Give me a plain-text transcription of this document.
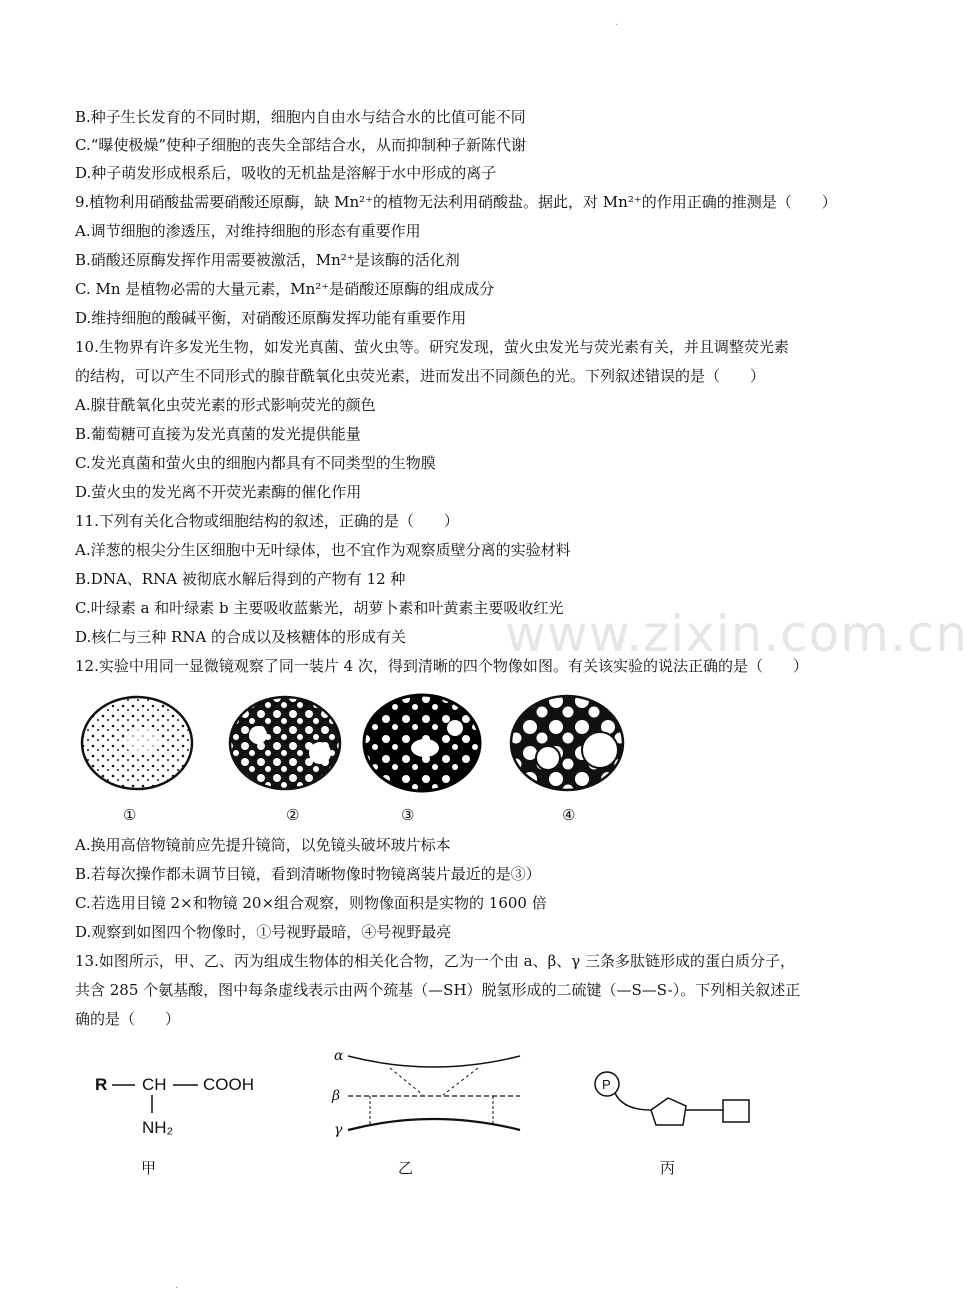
·
www.zixin.com.cn
B.种子生长发育的不同时期，细胞内自由水与结合水的比值可能不同
C.“曝使极燥”使种子细胞的丧失全部结合水，从而抑制种子新陈代谢
D.种子萌发形成根系后，吸收的无机盐是溶解于水中形成的离子
9.植物利用硝酸盐需要硝酸还原酶，缺 Mn²⁺的植物无法利用硝酸盐。据此，对 Mn²⁺的作用正确的推测是（　　）
A.调节细胞的渗透压，对维持细胞的形态有重要作用
B.硝酸还原酶发挥作用需要被激活，Mn²⁺是该酶的活化剂
C. Mn 是植物必需的大量元素，Mn²⁺是硝酸还原酶的组成成分
D.维持细胞的酸碱平衡，对硝酸还原酶发挥功能有重要作用
10.生物界有许多发光生物，如发光真菌、萤火虫等。研究发现，萤火虫发光与荧光素有关，并且调整荧光素
的结构，可以产生不同形式的腺苷酰氧化虫荧光素，进而发出不同颜色的光。下列叙述错误的是（　　）
A.腺苷酰氧化虫荧光素的形式影响荧光的颜色
B.葡萄糖可直接为发光真菌的发光提供能量
C.发光真菌和萤火虫的细胞内都具有不同类型的生物膜
D.萤火虫的发光离不开荧光素酶的催化作用
11.下列有关化合物或细胞结构的叙述，正确的是（　　）
A.洋葱的根尖分生区细胞中无叶绿体，也不宜作为观察质壁分离的实验材料
B.DNA、RNA 被彻底水解后得到的产物有 12 种
C.叶绿素 a 和叶绿素 b 主要吸收蓝紫光，胡萝卜素和叶黄素主要吸收红光
D.核仁与三种 RNA 的合成以及核糖体的形成有关
12.实验中用同一显微镜观察了同一装片 4 次，得到清晰的四个物像如图。有关该实验的说法正确的是（　　）
①	②	③	④
A.换用高倍物镜前应先提升镜筒，以免镜头破坏玻片标本
B.若每次操作都未调节目镜，看到清晰物像时物镜离装片最近的是③）
C.若选用目镜 2×和物镜 20×组合观察，则物像面积是实物的 1600 倍
D.观察到如图四个物像时，①号视野最暗，④号视野最亮
13.如图所示，甲、乙、丙为组成生物体的相关化合物，乙为一个由 a、β、γ 三条多肽链形成的蛋白质分子，
共含 285 个氨基酸，图中每条虚线表示由两个巯基（—SH）脱氢形成的二硫键（—S—S-）。下列相关叙述正
确的是（　　）
R CH COOH
NH₂
甲
α
β
γ
乙
P
丙
·
